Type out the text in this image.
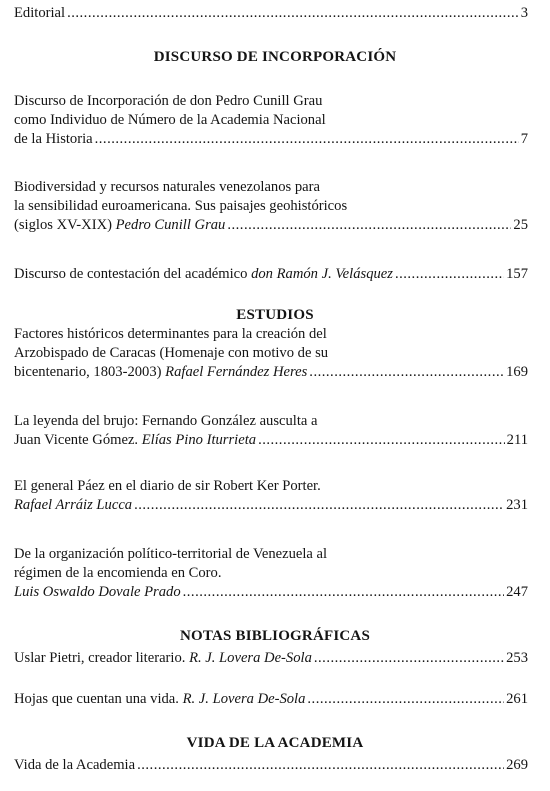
Editorial .....	3
DISCURSO DE INCORPORACIÓN
Discurso de Incorporación de don Pedro Cunill Grau
como Individuo de Número de la Academia Nacional
de la Historia .....	7
Biodiversidad y recursos naturales venezolanos para
la sensibilidad euroamericana. Sus paisajes geohistóricos
(siglos XV-XIX) Pedro Cunill Grau .....	25
Discurso de contestación del académico don Ramón J. Velásquez .....	157
ESTUDIOS
Factores históricos determinantes para la creación del
Arzobispado de Caracas (Homenaje con motivo de su
bicentenario, 1803-2003) Rafael Fernández Heres .....	169
La leyenda del brujo: Fernando González ausculta a
Juan Vicente Gómez. Elías Pino Iturrieta .....	211
El general Páez en el diario de sir Robert Ker Porter.
Rafael Arráiz Lucca .....	231
De la organización político-territorial de Venezuela al
régimen de la encomienda en Coro.
Luis Oswaldo Dovale Prado .....	247
NOTAS BIBLIOGRÁFICAS
Uslar Pietri, creador literario. R. J. Lovera De-Sola .....	253
Hojas que cuentan una vida. R. J. Lovera De-Sola .....	261
VIDA DE LA ACADEMIA
Vida de la Academia .....	269
